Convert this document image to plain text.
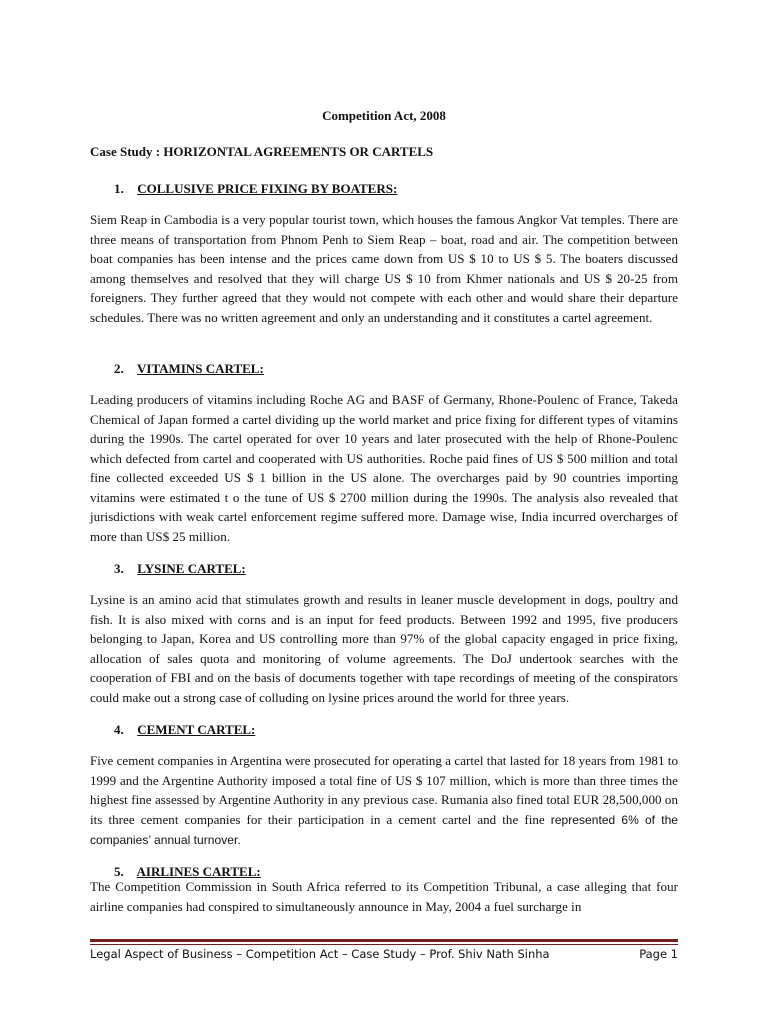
Competition Act, 2008
Case Study : HORIZONTAL AGREEMENTS OR CARTELS
1. COLLUSIVE PRICE FIXING BY BOATERS:
Siem Reap in Cambodia is a very popular tourist town, which houses the famous Angkor Vat temples. There are three means of transportation from Phnom Penh to Siem Reap – boat, road and air. The competition between boat companies has been intense and the prices came down from US $ 10 to US $ 5. The boaters discussed among themselves and resolved that they will charge US $ 10 from Khmer nationals and US $ 20-25 from foreigners. They further agreed that they would not compete with each other and would share their departure schedules. There was no written agreement and only an understanding and it constitutes a cartel agreement.
2. VITAMINS CARTEL:
Leading producers of vitamins including Roche AG and BASF of Germany, Rhone-Poulenc of France, Takeda Chemical of Japan formed a cartel dividing up the world market and price fixing for different types of vitamins during the 1990s. The cartel operated for over 10 years and later prosecuted with the help of Rhone-Poulenc which defected from cartel and cooperated with US authorities. Roche paid fines of US $ 500 million and total fine collected exceeded US $ 1 billion in the US alone. The overcharges paid by 90 countries importing vitamins were estimated t o the tune of US $ 2700 million during the 1990s. The analysis also revealed that jurisdictions with weak cartel enforcement regime suffered more. Damage wise, India incurred overcharges of more than US$ 25 million.
3. LYSINE CARTEL:
Lysine is an amino acid that stimulates growth and results in leaner muscle development in dogs, poultry and fish. It is also mixed with corns and is an input for feed products. Between 1992 and 1995, five producers belonging to Japan, Korea and US controlling more than 97% of the global capacity engaged in price fixing, allocation of sales quota and monitoring of volume agreements. The DoJ undertook searches with the cooperation of FBI and on the basis of documents together with tape recordings of meeting of the conspirators could make out a strong case of colluding on lysine prices around the world for three years.
4. CEMENT CARTEL:
Five cement companies in Argentina were prosecuted for operating a cartel that lasted for 18 years from 1981 to 1999 and the Argentine Authority imposed a total fine of US $ 107 million, which is more than three times the highest fine assessed by Argentine Authority in any previous case. Rumania also fined total EUR 28,500,000 on its three cement companies for their participation in a cement cartel and the fine represented 6% of the companies’ annual turnover.
5. AIRLINES CARTEL:
The Competition Commission in South Africa referred to its Competition Tribunal, a case alleging that four airline companies had conspired to simultaneously announce in May, 2004 a fuel surcharge in
Legal Aspect of Business – Competition Act – Case Study – Prof. Shiv Nath Sinha	Page 1
